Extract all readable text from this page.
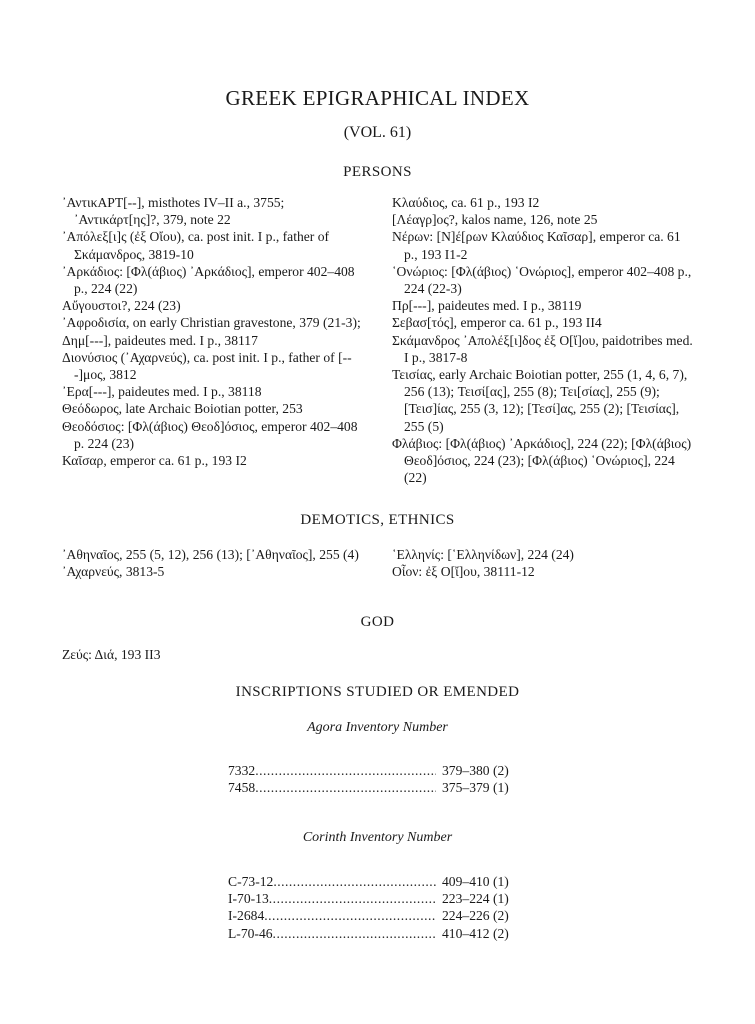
GREEK EPIGRAPHICAL INDEX
(VOL. 61)
PERSONS

᾿ΑντικΑΡΤ[--], misthotes IV–II a., 3755; ᾿Αντικάρτ[ης]?, 379, note 22

᾿Απόλεξ[ι]ς (ἐξ Οἴου), ca. post init. I p., father of Σκάμανδρος, 3819-10

᾿Αρκάδιος: [Φλ(άβιος) ᾿Αρκάδιος], emperor 402–408 p., 224 (22)

Αὔγουστοι?, 224 (23)

᾿Αφροδισία, on early Christian gravestone, 379 (21-3);

Δημ[---], paideutes med. I p., 38117

Διονύσιος (᾿Αχαρνεύς), ca. post init. I p., father of [---]μος, 3812

᾿Ερα[---], paideutes med. I p., 38118

Θεόδωρος, late Archaic Boiotian potter, 253

Θεοδόσιος: [Φλ(άβιος) Θεοδ]όσιος, emperor 402–408 p. 224 (23)

Καῖσαρ, emperor ca. 61 p., 193 I2

Κλαύδιος, ca. 61 p., 193 I2

[Λέαγρ]ος?, kalos name, 126, note 25

Νέρων: [Ν]έ[ρων Κλαύδιος Καῖσαρ], emperor ca. 61 p., 193 I1-2

῾Ονώριος: [Φλ(άβιος) ῾Ονώριος], emperor 402–408 p., 224 (22-3)

Πρ[---], paideutes med. I p., 38119

Σεβασ[τός], emperor ca. 61 p., 193 II4

Σκάμανδρος ᾿Απολέξ[ι]δος ἐξ Ο[ἴ]ου, paidotribes med. I p., 3817-8

Τεισίας, early Archaic Boiotian potter, 255 (1, 4, 6, 7), 256 (13); Τεισί[ας], 255 (8); Τει[σίας], 255 (9); [Τεισ]ίας, 255 (3, 12); [Τεσί]ας, 255 (2); [Τεισίας], 255 (5)

Φλάβιος: [Φλ(άβιος) ᾿Αρκάδιος], 224 (22); [Φλ(άβιος) Θεοδ]όσιος, 224 (23); [Φλ(άβιος) ῾Ονώριος], 224 (22)

DEMOTICS, ETHNICS

᾿Αθηναῖος, 255 (5, 12), 256 (13); [᾿Αθηναῖος], 255 (4)

᾿Αχαρνεύς, 3813-5

῾Ελληνίς: [῾Ελληνίδων], 224 (24)

Οἶον: ἐξ Ο[ἴ]ου, 38111-12

GOD

Ζεύς: Διά, 193 II3

INSCRIPTIONS STUDIED OR EMENDED
Agora Inventory Number
7332 .....	379–380 (2)
7458 .....	375–379 (1)
Corinth Inventory Number
C-73-12 .....	409–410 (1)
I-70-13 .....	223–224 (1)
I-2684 .....	224–226 (2)
L-70-46 .....	410–412 (2)
